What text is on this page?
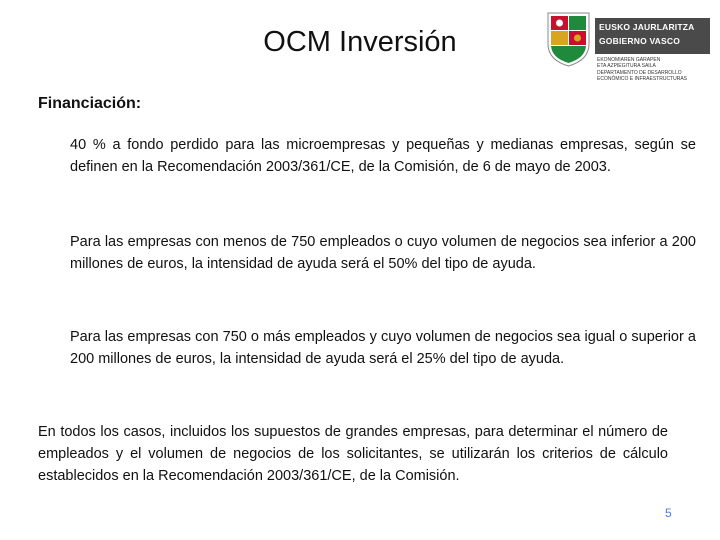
OCM Inversión	EUSKO JAURLARITZA
GOBIERNO VASCO
EKONOMIAREN GARAPEN
ETA AZPIEGITURA SAILA
DEPARTAMENTO DE DESARROLLO
ECONÓMICO E INFRAESTRUCTURAS
Financiación:
40 % a fondo perdido para las microempresas y pequeñas y medianas empresas, según se definen en la Recomendación 2003/361/CE, de la Comisión, de 6 de mayo de 2003.
Para las empresas con menos de 750 empleados o cuyo volumen de negocios sea inferior a 200 millones de euros, la intensidad de ayuda será el 50% del tipo de ayuda.
Para las empresas con 750 o más empleados y cuyo volumen de negocios sea igual o superior a 200 millones de euros, la intensidad de ayuda será el 25% del tipo de ayuda.
En todos los casos, incluidos los supuestos de grandes empresas, para determinar el número de empleados y el volumen de negocios de los solicitantes, se utilizarán los criterios de cálculo establecidos en la Recomendación 2003/361/CE, de la Comisión.
5
